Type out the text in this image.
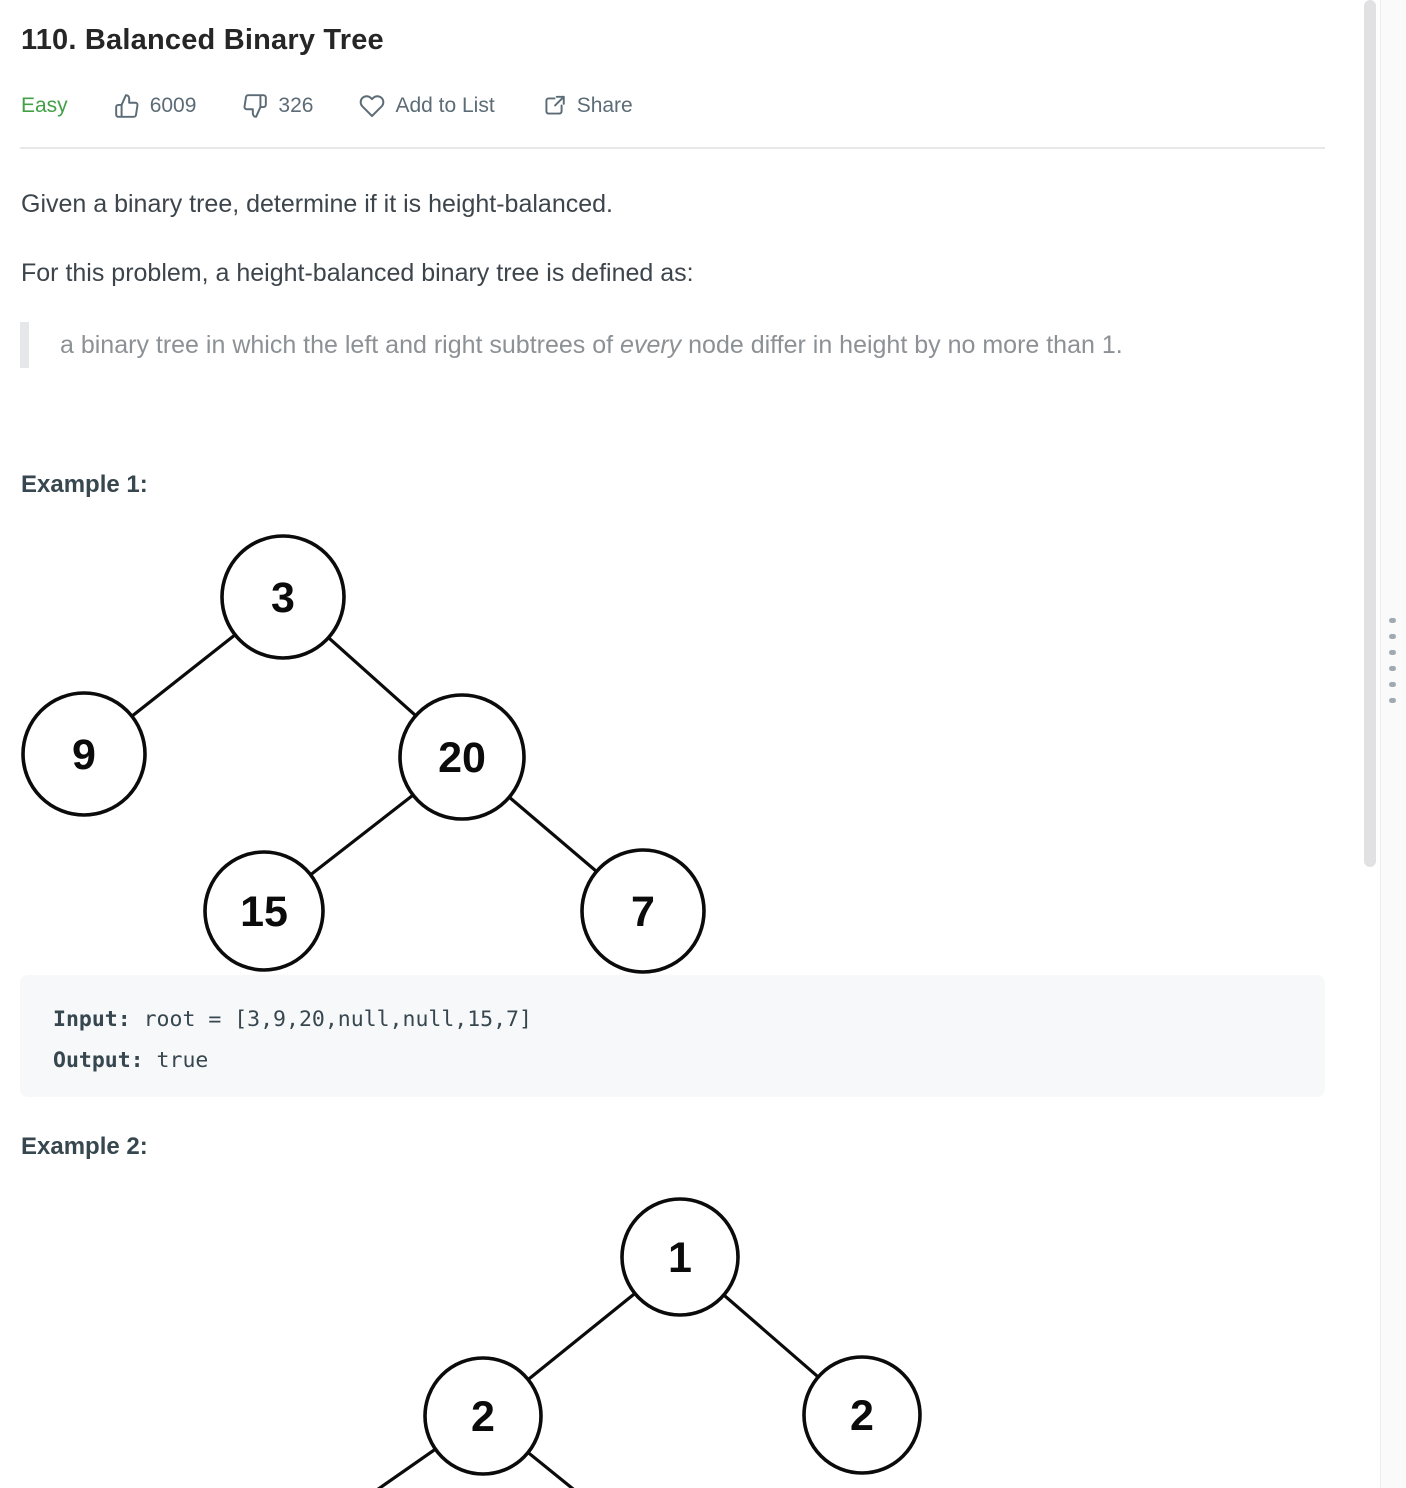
110. Balanced Binary Tree
Easy	6009	326	Add to List	Share

Given a binary tree, determine if it is height-balanced.

For this problem, a height-balanced binary tree is defined as:

a binary tree in which the left and right subtrees of every node differ in height by no more than 1.
Example 1:
3
9	20
15	7
Input: root = [3,9,20,null,null,15,7]
Output: true
Example 2:
1
2	2
